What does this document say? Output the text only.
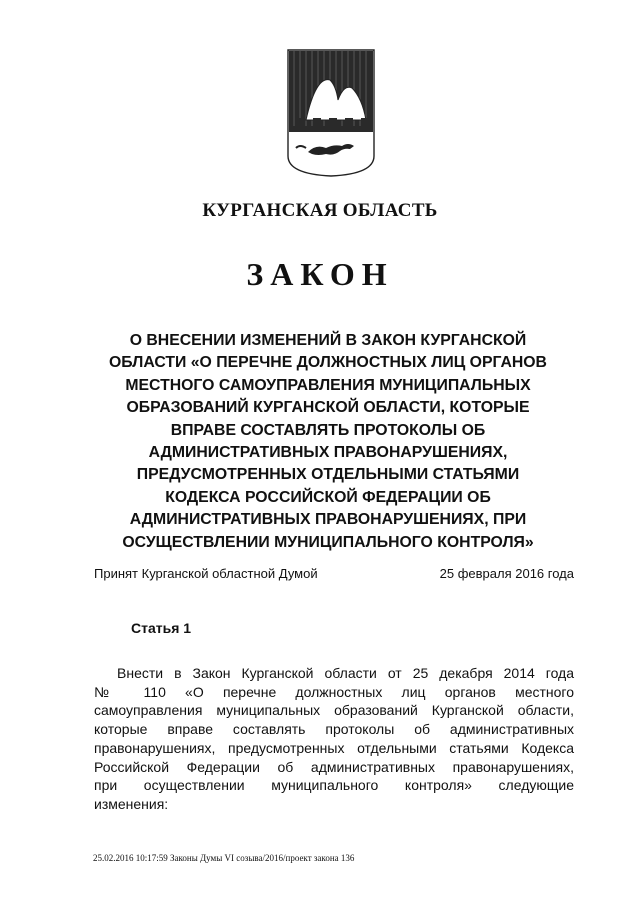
КУРГАНСКАЯ ОБЛАСТЬ
ЗАКОН
О ВНЕСЕНИИ ИЗМЕНЕНИЙ В ЗАКОН КУРГАНСКОЙ
ОБЛАСТИ «О ПЕРЕЧНЕ ДОЛЖНОСТНЫХ ЛИЦ ОРГАНОВ
МЕСТНОГО САМОУПРАВЛЕНИЯ МУНИЦИПАЛЬНЫХ
ОБРАЗОВАНИЙ КУРГАНСКОЙ ОБЛАСТИ, КОТОРЫЕ
ВПРАВЕ СОСТАВЛЯТЬ ПРОТОКОЛЫ ОБ
АДМИНИСТРАТИВНЫХ ПРАВОНАРУШЕНИЯХ,
ПРЕДУСМОТРЕННЫХ ОТДЕЛЬНЫМИ СТАТЬЯМИ
КОДЕКСА РОССИЙСКОЙ ФЕДЕРАЦИИ ОБ
АДМИНИСТРАТИВНЫХ ПРАВОНАРУШЕНИЯХ, ПРИ
ОСУЩЕСТВЛЕНИИ МУНИЦИПАЛЬНОГО КОНТРОЛЯ»
Принят Курганской областной Думой	25 февраля 2016 года
Статья 1
Внести в Закон Курганской области от 25 декабря 2014 года
№ 110 «О перечне должностных лиц органов местного
самоуправления муниципальных образований Курганской области,
которые вправе составлять протоколы об административных
правонарушениях, предусмотренных отдельными статьями Кодекса
Российской Федерации об административных правонарушениях,
при осуществлении муниципального контроля» следующие
изменения:
25.02.2016 10:17:59 Законы Думы VI созыва/2016/проект закона 136
